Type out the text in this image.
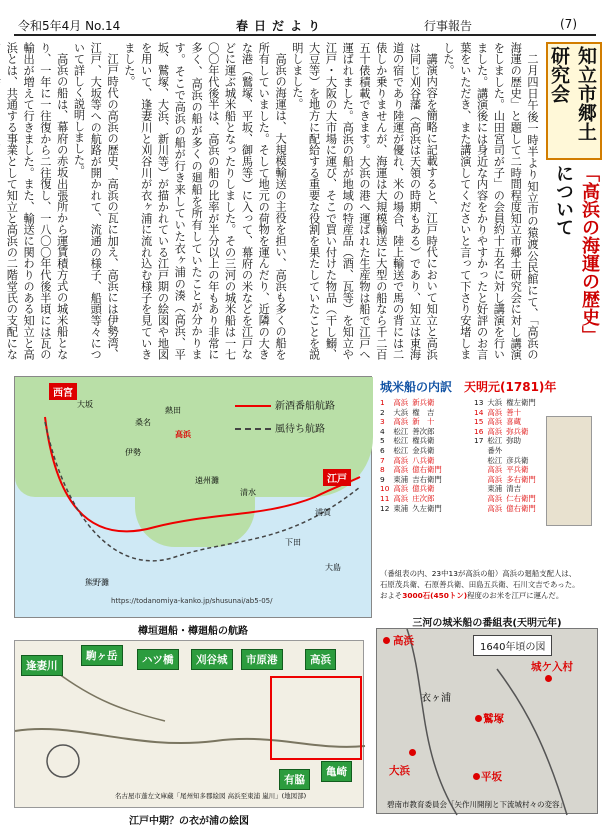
令和5年4月 No.14	春日だより	行事報告	(7)
知立市郷土研究会
「高浜の海運の歴史」について

二月四日午後一時半より知立市の猿渡公民館にて、「高浜の海運の歴史」と題して二時間程度知立市郷土研究会に対し講演をしました。山田宮司が子」の会員約十五名に対し講演を行いました。講演後には身近な内容をかりやすかったと好評のお言葉をいただき、また講演してくださいと言って下さり安堵しました。

講演内容を簡略に記載すると、江戸時代において知立と高浜は同じ刈谷藩（高浜は天領の時期もある）であり、知立は東海道の宿であり陸運が優れ、米の場合、陸上輸送で馬の背には二俵しか乗りませんが、海運は大規模輸送に大型の船なら千二百五十俵積載できます。大浜の港へ運ばれた生産物は船で江戸へ運ばれました。高浜の船が地域の特産品（酒、瓦等）を知立や江戸・大阪の大市場に運び、そこで買い付けた物品（干し鰯、大豆等）を地方に配給する重要な役割を果たしていたことを説明しました。

高浜の海運は、大規模輸送の主役を担い、高浜も多くの船を所有していました。そして地元の荷物を運んだり、近隣の大きな港（鷲塚、平坂、御馬等）に入って、幕府の米などを江戸などに運ぶ城米船となったりしました。その三河の城米船は一七〇〇年代後半は、高浜の船の比率が半分以上の年もあり非常に多く、高浜の船が多くの廻船を所有していたことが分かります。そこで高浜の船が行き来していた衣ヶ浦の湊（高浜、平坂、鷲塚、大浜、新川等）が描かれている江戸期の絵図や地図を用いて、逢妻川と刈谷川が衣ヶ浦に流れ込む様子を見ていきました。

江戸時代の高浜の歴史、高浜の瓦に加え、高浜には伊勢湾、江戸、大坂等への航路が開かれて、流通の様子、船頭等々について詳しく説明しました。

高浜の船は、幕府の赤坂出張所から運賃積方式の城米船となり、一年に一往復から二往復し、一八〇〇年代後半頃には瓦の輸出が増えて行きました。また、輸送に関わりのある知立と高浜とは、共通する事業として知立と高浜の二階堂氏の支配にな

新酒番船航路
風待ち航路
西宮
大坂
熱田
桑名
伊勢
高浜
江戸
浦賀
下田
大島
熊野灘
遠州灘
清水
https://todanomiya-kanko.jp/shusunai/ab5-05/
樽垣廻船・樽廻船の航路
城米船の内訳　 天明元(1781)年
1	高浜	新兵衛
2	大浜	権　吉
3	高浜	新　十
4	松江	善次郎
5	松江	権兵衛
6	松江	金兵衛
7	高浜	八兵衛
8	高浜	億右衛門
9	東浦	吉右衛門
10	高浜	億兵衛
11	高浜	庄次郎
12	東浦	久左衛門
13	大浜	権左衛門
14	高浜	善十
15	高浜	喜蔵
16	高浜	弥兵衛
17	松江	弥助
	番外	
	松江	彦兵衛
	高浜	平兵衛
	高浜	多右衛門
	東浦	清吉
	高浜	仁右衛門
	高浜	億右衛門
（番組表の内、23中13が高浜の船）高浜の廻船支配人は、
石原茂兵衛、石原善兵衛、田島五兵衛、石川文吉であった。
およそ3000石(450トン)程度のお米を江戸に運んだ。
逢妻川
駒ヶ岳	ハツ橋	刈谷城	市原港	高浜
有脇
亀崎
名古屋市蓬左文庫蔵「尾州知多郡絵図 高浜至東浦 嵐川」(地図部)
江戸中期？の衣が浦の絵図
1640年頃の図
高浜
衣ヶ浦
城ケ入村
鷲塚
大浜	平坂
碧南市教育委員会「矢作川開削と下流城村々の変容」
三河の城米船の番組表(天明元年)
